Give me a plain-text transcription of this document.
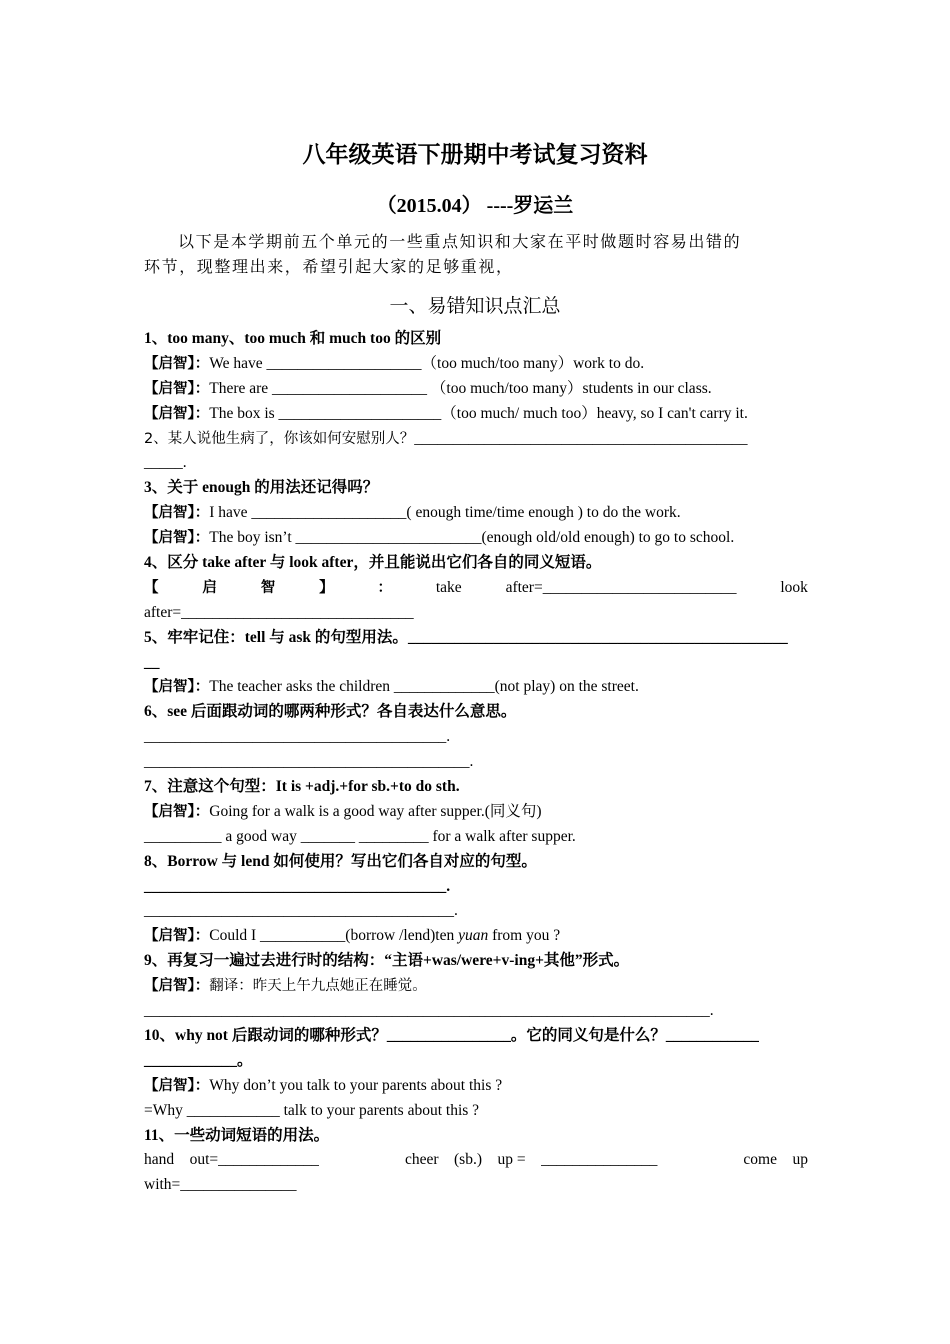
八年级英语下册期中考试复习资料
（2015.04） ----罗运兰
以下是本学期前五个单元的一些重点知识和大家在平时做题时容易出错的
环节，现整理出来，希望引起大家的足够重视，
一、易错知识点汇总
1、too many、too much 和 much too 的区别
【启智】：We have ____________________（too much/too many）work to do.
【启智】：There are ____________________ （too much/too many）students in our class.
【启智】：The box is _____________________（too much/ much too）heavy, so I can't carry it.
2、某人说他生病了，你该如何安慰别人？___________________________________________
_____.
3、关于 enough 的用法还记得吗？
【启智】：I have ____________________( enough time/time enough ) to do the work.
【启智】：The boy isn’t ________________________(enough old/old enough) to go to school.
4、区分 take after 与 look after，并且能说出它们各自的同义短语。
【	启	智	】	：	take	after=_________________________	look
after=______________________________
5、牢牢记住：tell 与 ask 的句型用法。_________________________________________________
__
【启智】：The teacher asks the children _____________(not play) on the street.
6、see 后面跟动词的哪两种形式？各自表达什么意思。
_______________________________________.
__________________________________________.
7、注意这个句型：It is +adj.+for sb.+to do sth.
【启智】：Going for a walk is a good way after supper.(同义句)
__________ a good way _______ _________ for a walk after supper.
8、Borrow 与 lend 如何使用？写出它们各自对应的句型。
_______________________________________.
________________________________________.
【启智】：Could I ___________(borrow /lend)ten yuan from you ?
9、再复习一遍过去进行时的结构：“主语+was/were+v-ing+其他”形式。
【启智】：翻译：昨天上午九点她正在睡觉。
_________________________________________________________________________.
10、why not 后跟动词的哪种形式？________________。它的同义句是什么？____________
____________。
【启智】：Why don’t you talk to your parents about this ?
=Why ____________ talk to your parents about this ?
11、一些动词短语的用法。
hand    out=_____________	cheer    (sb.)    up =    _______________	come    up
with=_______________
